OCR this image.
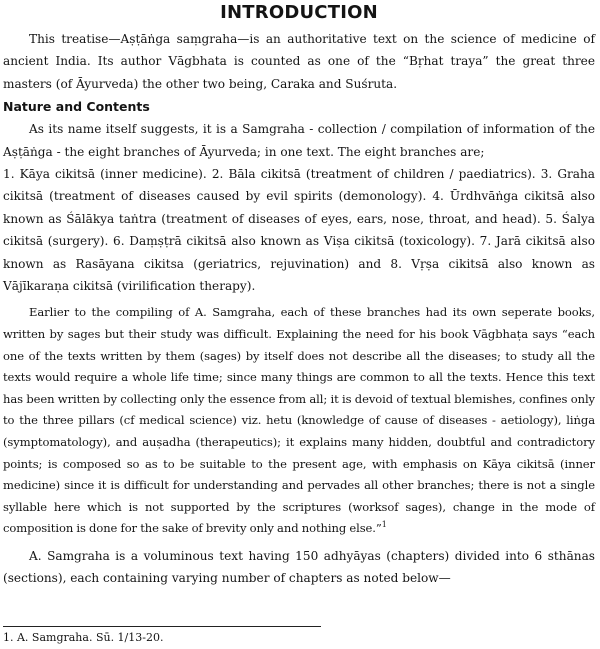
INTRODUCTION

This treatise—Aṣṭāṅga saṃgraha—is an authoritative text on the science of medicine of ancient India. Its author Vāgbhata is counted as one of the “Bṛhat traya” the great three masters (of Āyurveda) the other two being, Caraka and Suśruta.

Nature and Contents

As its name itself suggests, it is a Samgraha - collection / compilation of information of the Aṣṭāṅga - the eight branches of Āyurveda; in one text. The eight branches are;

1. Kāya cikitsā (inner medicine). 2. Bāla cikitsā (treatment of children / paediatrics). 3. Graha cikitsā (treatment of diseases caused by evil spirits (demonology). 4. Ūrdhvāṅga cikitsā also known as Śālākya taṅtra (treatment of diseases of eyes, ears, nose, throat, and head). 5. Śalya cikitsā (surgery). 6. Daṃṣṭrā cikitsā also known as Viṣa cikitsā (toxicology). 7. Jarā cikitsā also known as Rasāyana cikitsa (geriatrics, rejuvination) and 8. Vṛṣa cikitsā also known as Vājīkaraṇa cikitsā (virilification therapy).

Earlier to the compiling of A. Samgraha, each of these branches had its own seperate books, written by sages but their study was difficult. Explaining the need for his book Vāgbhaṭa says “each one of the texts written by them (sages) by itself does not describe all the diseases; to study all the texts would require a whole life time; since many things are common to all the texts. Hence this text has been written by collecting only the essence from all; it is devoid of textual blemishes, confines only to the three pillars (cf medical science) viz. hetu (knowledge of cause of diseases - aetiology), liṅga (symptomatology), and auṣadha (therapeutics); it explains many hidden, doubtful and contradictory points; is composed so as to be suitable to the present age, with emphasis on Kāya cikitsā (inner medicine) since it is difficult for understanding and pervades all other branches; there is not a single syllable here which is not supported by the scriptures (worksof sages), change in the mode of composition is done for the sake of brevity only and nothing else.”$^1$

A. Samgraha is a voluminous text having 150 adhyāyas (chapters) divided into 6 sthānas (sections), each containing varying number of chapters as noted below—

1. A. Samgraha. Sū. 1/13-20.
